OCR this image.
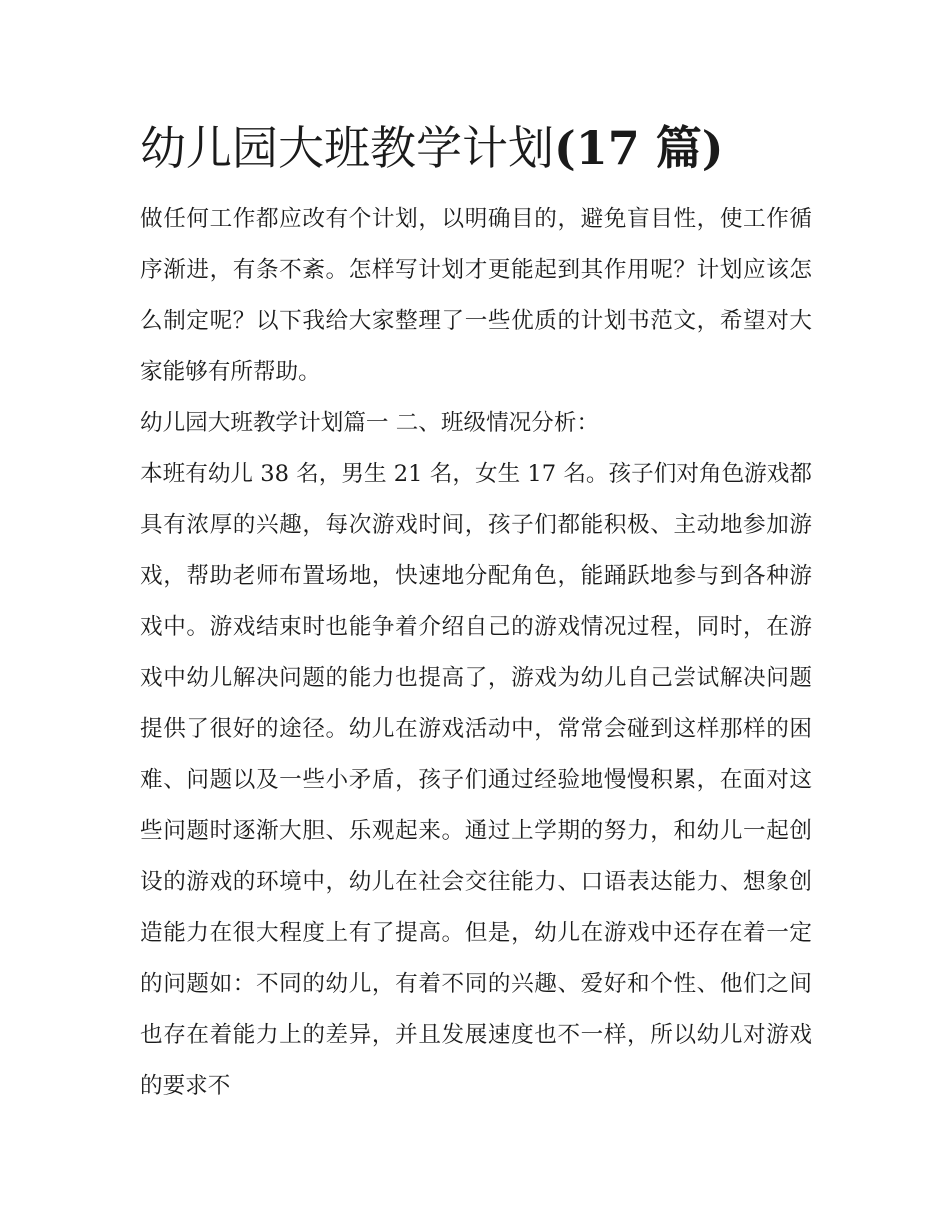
幼儿园大班教学计划(17 篇)

做任何工作都应改有个计划，以明确目的，避免盲目性，使工作循序渐进，有条不紊。怎样写计划才更能起到其作用呢？计划应该怎么制定呢？以下我给大家整理了一些优质的计划书范文，希望对大家能够有所帮助。

幼儿园大班教学计划篇一 二、班级情况分析：

本班有幼儿 38 名，男生 21 名，女生 17 名。孩子们对角色游戏都具有浓厚的兴趣，每次游戏时间，孩子们都能积极、主动地参加游戏，帮助老师布置场地，快速地分配角色，能踊跃地参与到各种游戏中。游戏结束时也能争着介绍自己的游戏情况过程，同时，在游戏中幼儿解决问题的能力也提高了，游戏为幼儿自己尝试解决问题提供了很好的途径。幼儿在游戏活动中，常常会碰到这样那样的困难、问题以及一些小矛盾，孩子们通过经验地慢慢积累，在面对这些问题时逐渐大胆、乐观起来。通过上学期的努力，和幼儿一起创设的游戏的环境中，幼儿在社会交往能力、口语表达能力、想象创造能力在很大程度上有了提高。但是，幼儿在游戏中还存在着一定的问题如：不同的幼儿，有着不同的兴趣、爱好和个性、他们之间也存在着能力上的差异，并且发展速度也不一样，所以幼儿对游戏的要求不
